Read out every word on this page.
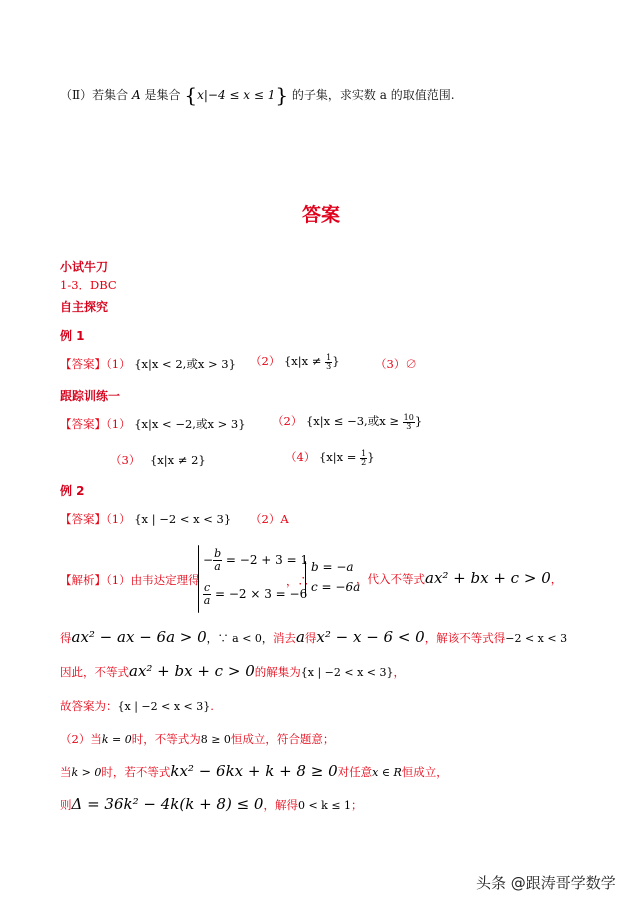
（Ⅱ）若集合 A 是集合 {x|−4 ≤ x ≤ 1} 的子集，求实数 a 的取值范围.
答案
小试牛刀
1-3．DBC
自主探究
例 1
【答案】（1） {x|x < 2,或x > 3} （2） {$x|x \ne \frac{1}{3}$ }	（3）∅
跟踪训练一
【答案】（1） {x|x < −2,或x > 3} （2） {x|x ≤ −3,或$x \ge \frac{10}{3}$ }
（3） {x|x ≠ 2}	（4） {$x|x = \frac{1}{2}$ }
例 2
【答案】（1） {x | −2 < x < 3} （2）A
【解析】（1）由韦达定理得
− $\frac{b}{a} = -2 + 3 = 1$
$\frac{c}{a} = -2 \times 3 = -6$
，∴
b = −a
c = −6a
，代入不等式ax² + bx + c > 0，
得ax² − ax − 6a > 0，∵ a < 0，消去a得x² − x − 6 < 0，解该不等式得−2 < x < 3
因此，不等式ax² + bx + c > 0的解集为{x | −2 < x < 3}，
故答案为：{x | −2 < x < 3}.
（2）当k = 0时，不等式为8 ≥ 0恒成立，符合题意；
当k > 0时，若不等式kx² − 6kx + k + 8 ≥ 0对任意x ∈ R恒成立，
则Δ = 36k² − 4k(k + 8) ≤ 0，解得0 < k ≤ 1；
头条 @跟涛哥学数学
